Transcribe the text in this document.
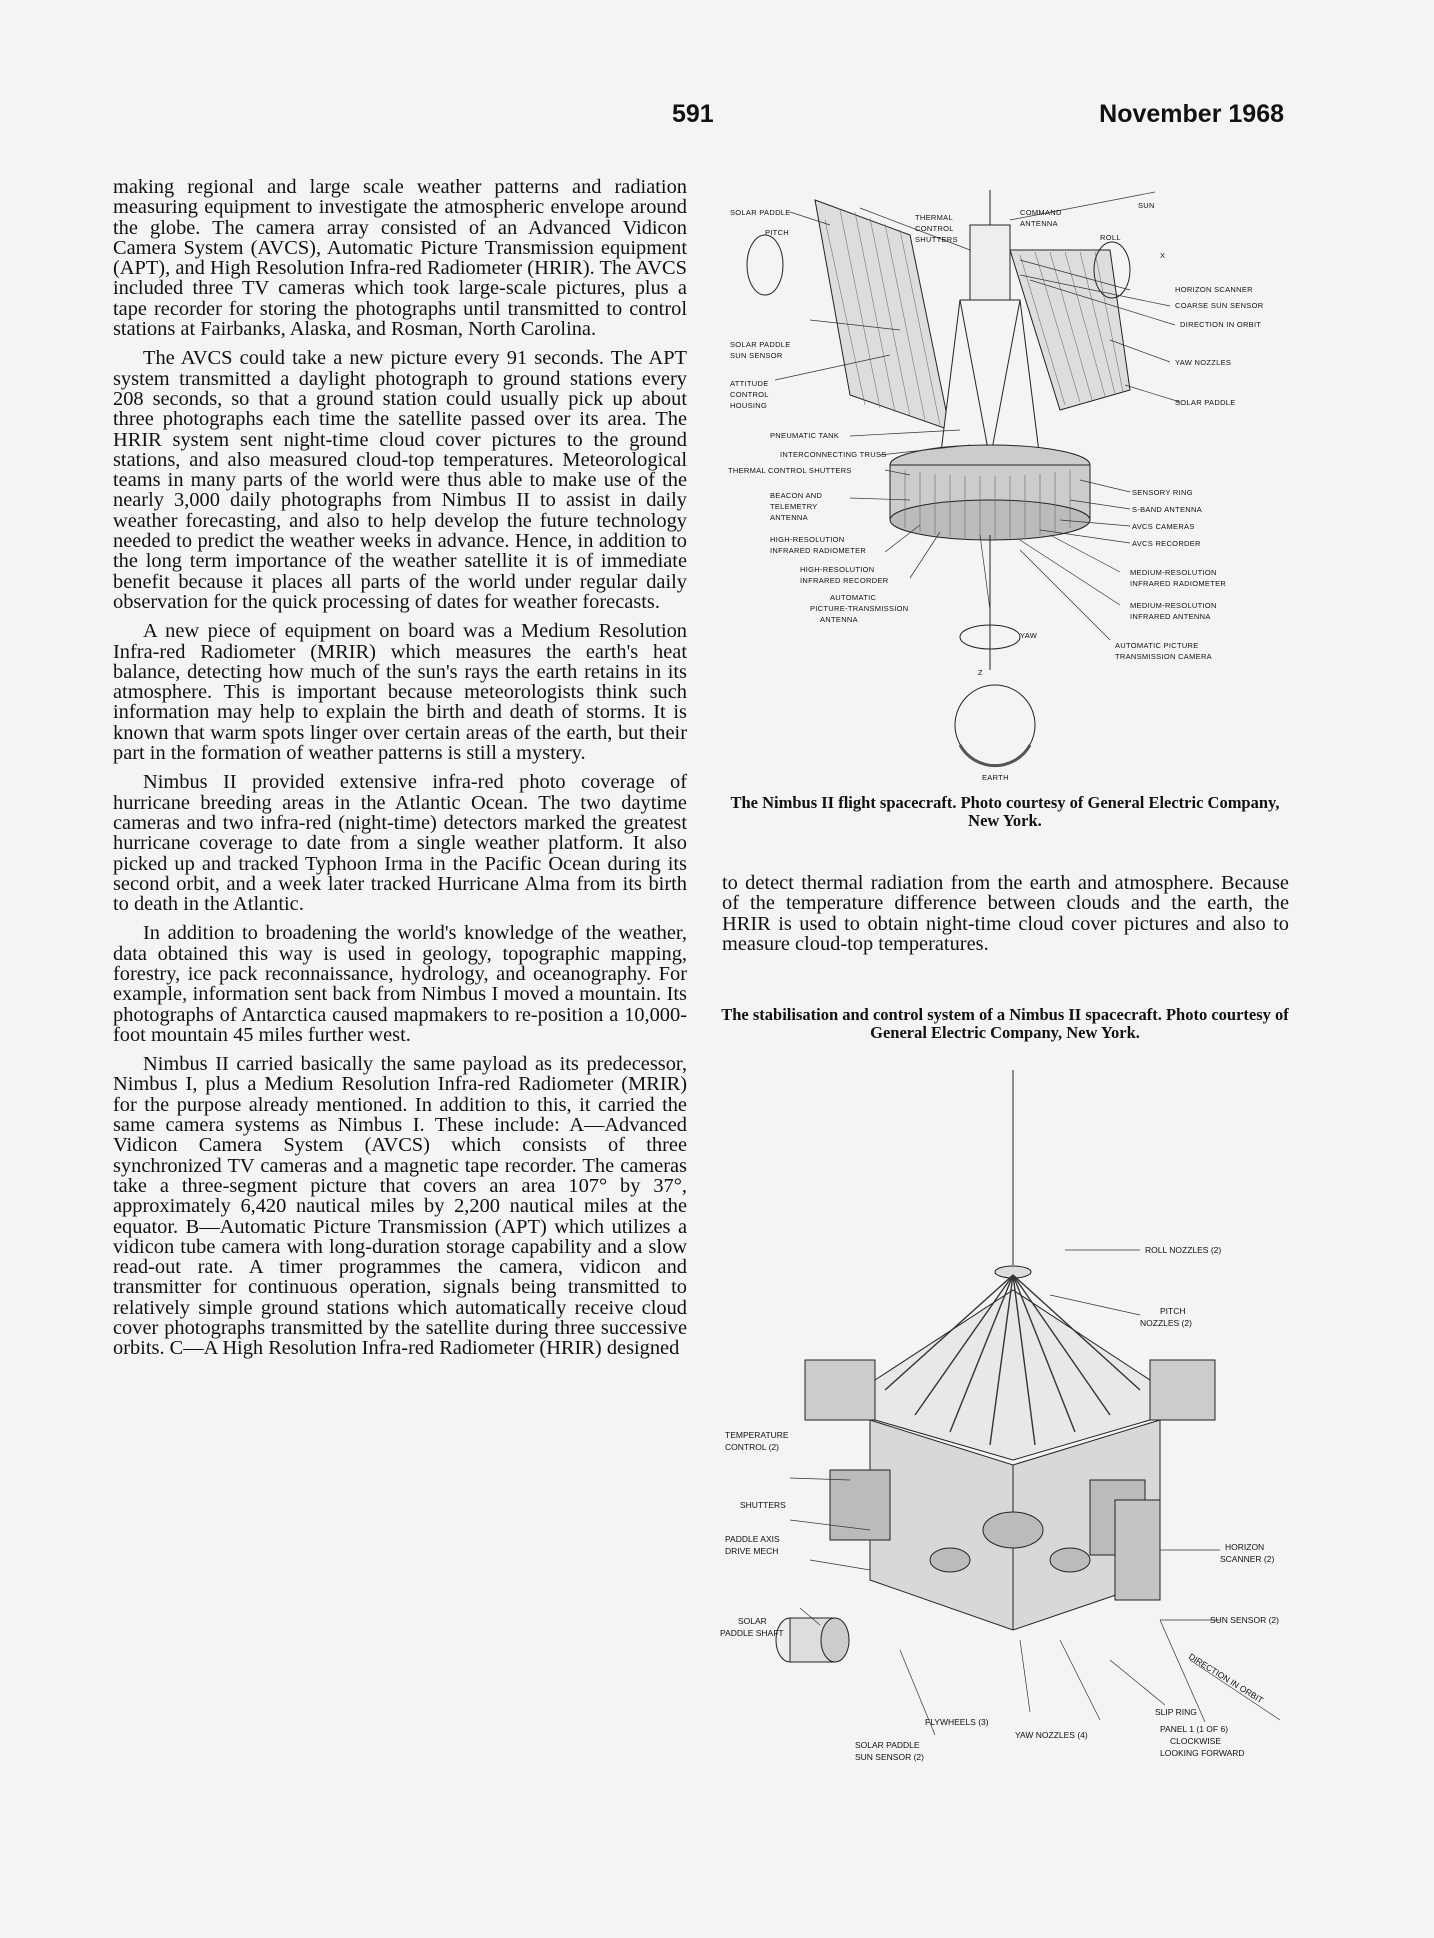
591	November 1968

making regional and large scale weather patterns and radiation measuring equipment to investigate the atmospheric envelope around the globe. The camera array consisted of an Advanced Vidicon Camera System (AVCS), Automatic Picture Transmission equipment (APT), and High Resolution Infra-red Radiometer (HRIR). The AVCS included three TV cameras which took large-scale pictures, plus a tape recorder for storing the photographs until transmitted to control stations at Fairbanks, Alaska, and Rosman, North Carolina.

The AVCS could take a new picture every 91 seconds. The APT system transmitted a daylight photograph to ground stations every 208 seconds, so that a ground station could usually pick up about three photographs each time the satellite passed over its area. The HRIR system sent night-time cloud cover pictures to the ground stations, and also measured cloud-top temperatures. Meteorological teams in many parts of the world were thus able to make use of the nearly 3,000 daily photographs from Nimbus II to assist in daily weather forecasting, and also to help develop the future technology needed to predict the weather weeks in advance. Hence, in addition to the long term importance of the weather satellite it is of immediate benefit because it places all parts of the world under regular daily observation for the quick processing of dates for weather forecasts.

A new piece of equipment on board was a Medium Resolution Infra-red Radiometer (MRIR) which measures the earth's heat balance, detecting how much of the sun's rays the earth retains in its atmosphere. This is important because meteorologists think such information may help to explain the birth and death of storms. It is known that warm spots linger over certain areas of the earth, but their part in the formation of weather patterns is still a mystery.

Nimbus II provided extensive infra-red photo coverage of hurricane breeding areas in the Atlantic Ocean. The two daytime cameras and two infra-red (night-time) detectors marked the greatest hurricane coverage to date from a single weather platform. It also picked up and tracked Typhoon Irma in the Pacific Ocean during its second orbit, and a week later tracked Hurricane Alma from its birth to death in the Atlantic.

In addition to broadening the world's knowledge of the weather, data obtained this way is used in geology, topographic mapping, forestry, ice pack reconnaissance, hydrology, and oceanography. For example, information sent back from Nimbus I moved a mountain. Its photographs of Antarctica caused mapmakers to re-position a 10,000-foot mountain 45 miles further west.

Nimbus II carried basically the same payload as its predecessor, Nimbus I, plus a Medium Resolution Infra-red Radiometer (MRIR) for the purpose already mentioned. In addition to this, it carried the same camera systems as Nimbus I. These include: A—Advanced Vidicon Camera System (AVCS) which consists of three synchronized TV cameras and a magnetic tape recorder. The cameras take a three-segment picture that covers an area 107° by 37°, approximately 6,420 nautical miles by 2,200 nautical miles at the equator. B—Automatic Picture Transmission (APT) which utilizes a vidicon tube camera with long-duration storage capability and a slow read-out rate. A timer programmes the camera, vidicon and transmitter for continuous operation, signals being transmitted to relatively simple ground stations which automatically receive cloud cover photographs transmitted by the satellite during three successive orbits. C—A High Resolution Infra-red Radiometer (HRIR) designed

SOLAR PADDLE
PITCH
THERMAL
CONTROL
SHUTTERS
COMMAND
ANTENNA
SUN
ROLL
X
HORIZON SCANNER
COARSE SUN SENSOR
DIRECTION IN ORBIT
YAW NOZZLES
SOLAR PADDLE
SOLAR PADDLE
SUN SENSOR
ATTITUDE
CONTROL
HOUSING
PNEUMATIC TANK
INTERCONNECTING TRUSS
THERMAL CONTROL SHUTTERS
BEACON AND
TELEMETRY
ANTENNA
HIGH-RESOLUTION
INFRARED RADIOMETER
HIGH-RESOLUTION
INFRARED RECORDER
AUTOMATIC
PICTURE-TRANSMISSION
ANTENNA
SENSORY RING
S-BAND ANTENNA
AVCS CAMERAS
AVCS RECORDER
MEDIUM-RESOLUTION
INFRARED RADIOMETER
MEDIUM-RESOLUTION
INFRARED ANTENNA
AUTOMATIC PICTURE
TRANSMISSION CAMERA
YAW
Z
EARTH
The Nimbus II flight spacecraft. Photo courtesy of General Electric Company, New York.

to detect thermal radiation from the earth and atmosphere. Because of the temperature difference between clouds and the earth, the HRIR is used to obtain night-time cloud cover pictures and also to measure cloud-top temperatures.

The stabilisation and control system of a Nimbus II spacecraft. Photo courtesy of General Electric Company, New York.
ROLL NOZZLES (2)
PITCH
NOZZLES (2)
TEMPERATURE
CONTROL (2)
SHUTTERS
PADDLE AXIS
DRIVE MECH
SOLAR
PADDLE SHAFT
HORIZON
SCANNER (2)
SUN SENSOR (2)
DIRECTION IN ORBIT
SLIP RING
FLYWHEELS (3)
YAW NOZZLES (4)
SOLAR PADDLE
SUN SENSOR (2)
PANEL 1 (1 OF 6)
CLOCKWISE
LOOKING FORWARD
